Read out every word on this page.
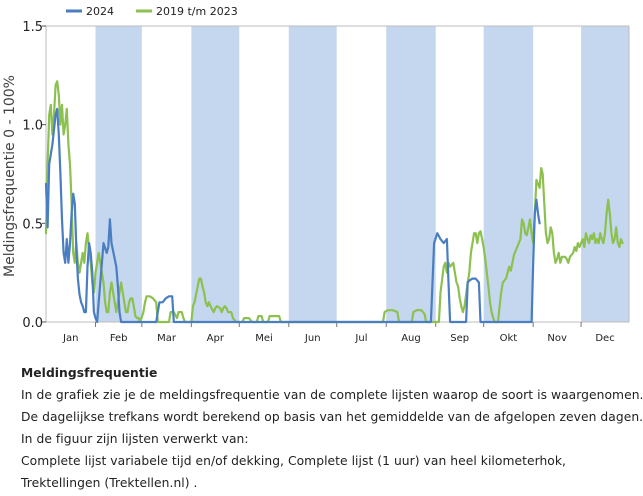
0.0
0.5
1.0
1.5
Jan	Feb	Mar	Apr	Mei	Jun	Jul	Aug	Sep	Okt	Nov	Dec
Meldingsfrequentie 0 - 100%
2024	2019 t/m 2023

Meldingsfrequentie

In de grafiek zie je de meldingsfrequentie van de complete lijsten waarop de soort is waargenomen.

De dagelijkse trefkans wordt berekend op basis van het gemiddelde van de afgelopen zeven dagen.

In de figuur zijn lijsten verwerkt van:

Complete lijst variabele tijd en/of dekking, Complete lijst (1 uur) van heel kilometerhok,

Trektellingen (Trektellen.nl) .
